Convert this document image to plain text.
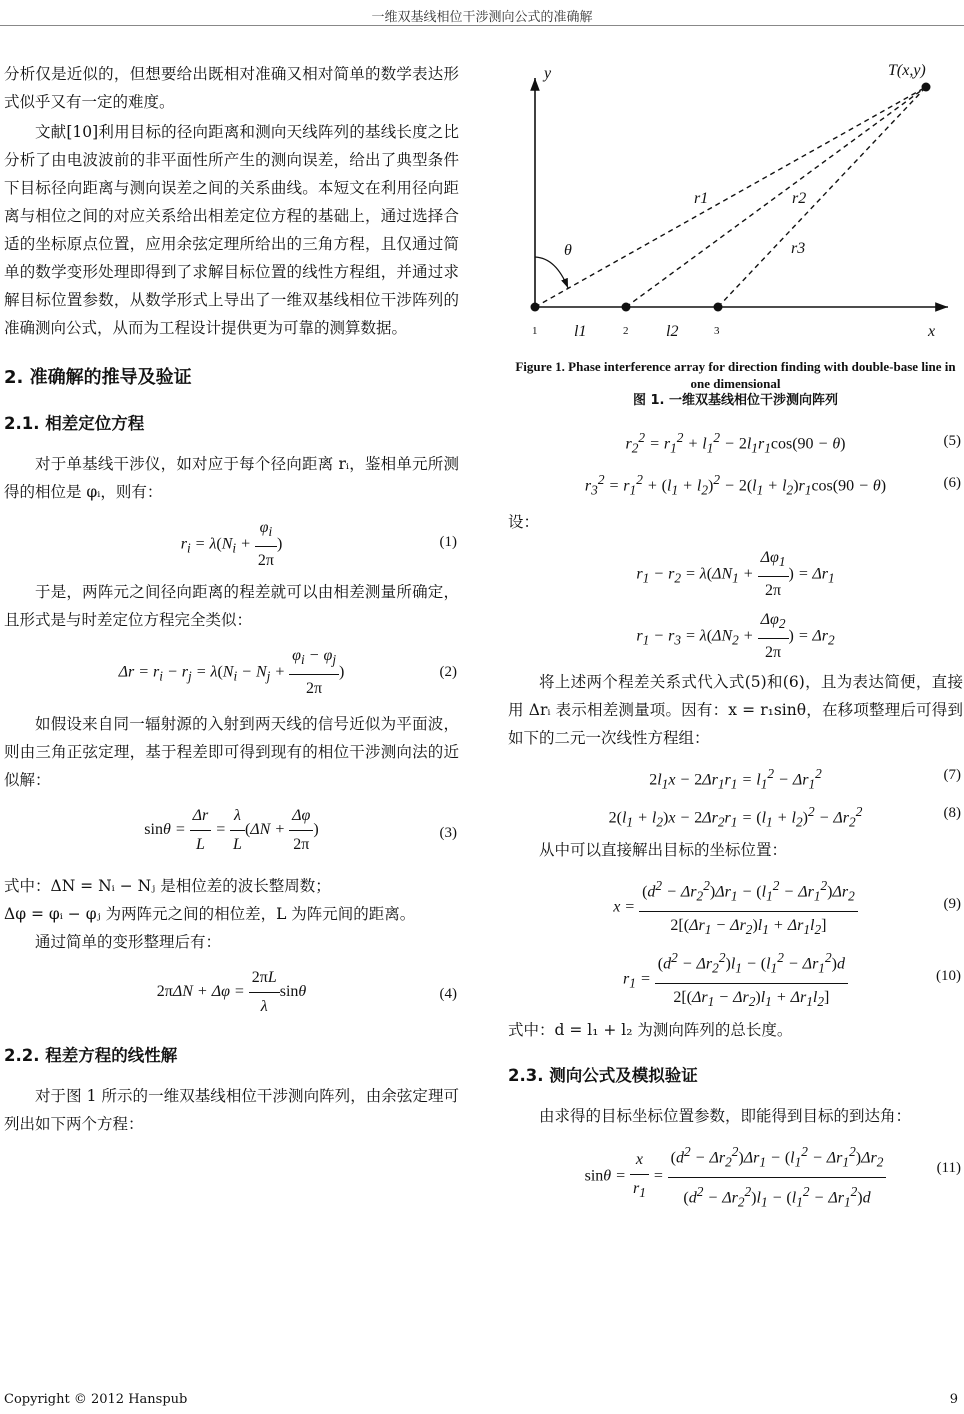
一维双基线相位干涉测向公式的准确解

分析仅是近似的，但想要给出既相对准确又相对简单的数学表达形式似乎又有一定的难度。

文献[10]利用目标的径向距离和测向天线阵列的基线长度之比分析了由电波波前的非平面性所产生的测向误差，给出了典型条件下目标径向距离与测向误差之间的关系曲线。本短文在利用径向距离与相位之间的对应关系给出相差定位方程的基础上，通过选择合适的坐标原点位置，应用余弦定理所给出的三角方程，且仅通过简单的数学变形处理即得到了求解目标位置的线性方程组，并通过求解目标位置参数，从数学形式上导出了一维双基线相位干涉阵列的准确测向公式，从而为工程设计提供更为可靠的测算数据。

2. 准确解的推导及验证
2.1. 相差定位方程

对于单基线干涉仪，如对应于每个径向距离 rᵢ，鉴相单元所测得的相位是 φᵢ，则有：

$r_i = \lambda(N_i + \frac{\varphi_i}{2\pi}$ )	(1)

于是，两阵元之间径向距离的程差就可以由相差测量所确定，且形式是与时差定位方程完全类似：

$\Delta r = r_i - r_j = \lambda(N_i - N_j + \frac{\varphi_i - \varphi_j}{2\pi}$ )	(2)

如假设来自同一辐射源的入射到两天线的信号近似为平面波，则由三角正弦定理，基于程差即可得到现有的相位干涉测向法的近似解：

$\sin\theta = \frac{\Delta r}{L} = \frac{\lambda}{L} (\Delta N + \frac{\Delta\varphi}{2\pi}$ )	(3)

式中：ΔN = Nᵢ − Nⱼ 是相位差的波长整周数；

Δφ = φᵢ − φⱼ 为两阵元之间的相位差，L 为阵元间的距离。

通过简单的变形整理后有：

$2\pi\Delta N + \Delta\varphi = \frac{2\pi L}{\lambda}$ sinθ	(4)
2.2. 程差方程的线性解

对于图 1 所示的一维双基线相位干涉测向阵列，由余弦定理可列出如下两个方程：

y
x
T(x,y)
θ
r1	r2
r3
l1	l2
1	2	3
Figure 1. Phase interference array for direction finding with double-base line in one dimensional
图 1. 一维双基线相位干涉测向阵列
$r_2^2 = r_1^2 + l_1^2 - 2l_1r_1\cos(90 - \theta)$	(5)
$r_3^2 = r_1^2 + (l_1 + l_2)^2 - 2(l_1 + l_2)r_1\cos(90 - \theta)$	(6)

设：

$r_1 - r_2 = \lambda(\Delta N_1 + \frac{\Delta\varphi_1}{2\pi}$ ) = $\Delta r_1$
$r_1 - r_3 = \lambda(\Delta N_2 + \frac{\Delta\varphi_2}{2\pi}$ ) = $\Delta r_2$

将上述两个程差关系式代入式(5)和(6)，且为表达简便，直接用 Δrᵢ 表示相差测量项。因有：x = r₁sinθ，在移项整理后可得到如下的二元一次线性方程组：

$2l_1x - 2\Delta r_1r_1 = l_1^2 - \Delta r_1^2$	(7)
$2(l_1 + l_2)x - 2\Delta r_2r_1 = (l_1 + l_2)^2 - \Delta r_2^2$	(8)

从中可以直接解出目标的坐标位置：

$x = \frac{(d^2 - \Delta r_2^2)\Delta r_1 - (l_1^2 - \Delta r_1^2)\Delta r_2}{2[(\Delta r_1 - \Delta r_2)l_1 + \Delta r_1l_2]}$	(9)
$r_1 = \frac{(d^2 - \Delta r_2^2)l_1 - (l_1^2 - \Delta r_1^2)d}{2[(\Delta r_1 - \Delta r_2)l_1 + \Delta r_1l_2]}$	(10)

式中：d = l₁ + l₂ 为测向阵列的总长度。

2.3. 测向公式及模拟验证

由求得的目标坐标位置参数，即能得到目标的到达角：

$\sin\theta = \frac{x}{r_1} = \frac{(d^2 - \Delta r_2^2)\Delta r_1 - (l_1^2 - \Delta r_1^2)\Delta r_2}{(d^2 - \Delta r_2^2)l_1 - (l_1^2 - \Delta r_1^2)d}$	(11)
Copyright © 2012 Hanspub	9
